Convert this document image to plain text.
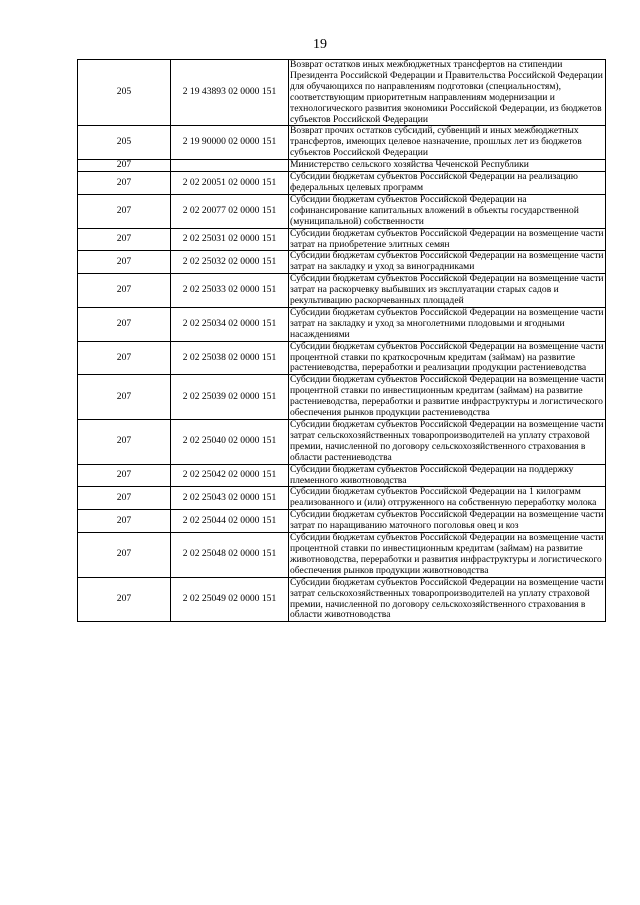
19
205	2 19 43893 02 0000 151	Возврат остатков иных межбюджетных трансфертов на стипендии Президента Российской Федерации и Правительства Российской Федерации для обучающихся по направлениям подготовки (специальностям), соответствующим приоритетным направлениям модернизации и технологического развития экономики Российской Федерации, из бюджетов субъектов Российской Федерации
205	2 19 90000 02 0000 151	Возврат прочих остатков субсидий, субвенций и иных межбюджетных трансфертов, имеющих целевое назначение, прошлых лет из бюджетов субъектов Российской Федерации
207		Министерство сельского хозяйства Чеченской Республики
207	2 02 20051 02 0000 151	Субсидии бюджетам субъектов Российской Федерации на реализацию федеральных целевых программ
207	2 02 20077 02 0000 151	Субсидии бюджетам субъектов Российской Федерации на софинансирование капитальных вложений в объекты государственной (муниципальной) собственности
207	2 02 25031 02 0000 151	Субсидии бюджетам субъектов Российской Федерации на возмещение части затрат на приобретение элитных семян
207	2 02 25032 02 0000 151	Субсидии бюджетам субъектов Российской Федерации на возмещение части затрат на закладку и уход за виноградниками
207	2 02 25033 02 0000 151	Субсидии бюджетам субъектов Российской Федерации на возмещение части затрат на раскорчевку выбывших из эксплуатации старых садов и рекультивацию раскорчеванных площадей
207	2 02 25034 02 0000 151	Субсидии бюджетам субъектов Российской Федерации на возмещение части затрат на закладку и уход за многолетними плодовыми и ягодными насаждениями
207	2 02 25038 02 0000 151	Субсидии бюджетам субъектов Российской Федерации на возмещение части процентной ставки по краткосрочным кредитам (займам) на развитие растениеводства, переработки и реализации продукции растениеводства
207	2 02 25039 02 0000 151	Субсидии бюджетам субъектов Российской Федерации на возмещение части процентной ставки по инвестиционным кредитам (займам) на развитие растениеводства, переработки и развитие инфраструктуры и логистического обеспечения рынков продукции растениеводства
207	2 02 25040 02 0000 151	Субсидии бюджетам субъектов Российской Федерации на возмещение части затрат сельскохозяйственных товаропроизводителей на уплату страховой премии, начисленной по договору сельскохозяйственного страхования в области растениеводства
207	2 02 25042 02 0000 151	Субсидии бюджетам субъектов Российской Федерации на поддержку племенного животноводства
207	2 02 25043 02 0000 151	Субсидии бюджетам субъектов Российской Федерации на 1 килограмм реализованного и (или) отгруженного на собственную переработку молока
207	2 02 25044 02 0000 151	Субсидии бюджетам субъектов Российской Федерации на возмещение части затрат по наращиванию маточного поголовья овец и коз
207	2 02 25048 02 0000 151	Субсидии бюджетам субъектов Российской Федерации на возмещение части процентной ставки по инвестиционным кредитам (займам) на развитие животноводства, переработки и развития инфраструктуры и логистического обеспечения рынков продукции животноводства
207	2 02 25049 02 0000 151	Субсидии бюджетам субъектов Российской Федерации на возмещение части затрат сельскохозяйственных товаропроизводителей на уплату страховой премии, начисленной по договору сельскохозяйственного страхования в области животноводства
